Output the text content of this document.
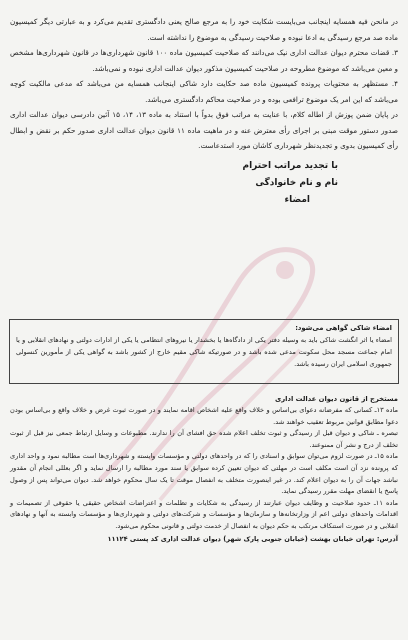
در مانحن فیه همسایه اینجانب می‌بایست شکایت خود را به مرجع صالح یعنی دادگستری تقدیم می‌کرد و به عبارتی دیگر کمیسیون ماده صد مرجع رسیدگی به ادعا نبوده و صلاحیت رسیدگی به موضوع را نداشته است.

۳. قضات محترم دیوان عدالت اداری نیک می‌دانند که صلاحیت کمیسیون ماده ۱۰۰ قانون شهرداری‌ها در قانون شهرداری‌ها مشخص و معین می‌باشد که موضوع مطروحه در صلاحیت کمیسیون مذکور دیوان عدالت اداری نبوده و نمی‌باشد.

۴. مستظهر به محتویات پرونده کمیسیون ماده صد حکایت دارد شاکی اینجانب همسایه من می‌باشد که مدعی مالکیت کوچه می‌باشد که این امر یک موضوع ترافعی بوده و در صلاحیت محاکم دادگستری می‌باشد.

در پایان ضمن پوزش از اطاله کلام، با عنایت به مراتب فوق بدواً با استناد به ماده ۱۳، ۱۴، ۱۵ آئین دادرسی دیوان عدالت اداری صدور دستور موقت مبنی بر اجرای رأی معترض عنه و در ماهیت ماده ۱۱ قانون دیوان عدالت اداری صدور حکم بر نقض و ابطال رأی کمیسیون بدوی و تجدیدنظر شهرداری کاشان مورد استدعاست.

با تجدید مراتب احترام
نام و نام خانوادگی
امضاء
امضاء شاکی گواهی می‌شود:
امضاء یا اثر انگشت شاکی باید به وسیله دفتر یکی از دادگاه‌ها یا بخشدار یا نیروهای انتظامی یا یکی از ادارات دولتی و نهادهای انقلابی و یا امام جماعت مسجد محل سکونت مدعی شده باشد و در صورتیکه شاکی مقیم خارج از کشور باشد به گواهی یکی از مأمورین کنسولی جمهوری اسلامی ایران رسیده باشد.
مستخرج از قانون دیوان عدالت اداری

ماده ۱۳ـ کسانی که مفرضانه دعوای بی‌اساس و خلاف واقع علیه اشخاص اقامه نمایند و در صورت ثبوت غرض و خلاف واقع و بی‌اساس بودن دعوا مطابق قوانین مربوط تعقیب خواهند شد.

تبصره ـ شاکی و دیوان قبل از رسیدگی و ثبوت تخلف اعلام شده حق افشای آن را ندارند. مطبوعات و وسایل ارتباط جمعی نیز قبل از ثبوت تخلف از درج و نشر آن ممنوعند.

ماده ۱۵ـ در صورت لزوم می‌توان سوابق و اسنادی را که در واحدهای دولتی و مؤسسات وابسته و شهرداری‌ها است مطالبه نمود و واحد اداری که پرونده نزد آن است مکلف است در مهلتی که دیوان تعیین کرده سوابق یا سند مورد مطالبه را ارسال نماید و اگر بعللی انجام آن مقدور نباشد جهات آن را به دیوان اعلام کند. در غیر اینصورت متخلف به انفصال موقت تا یک سال محکوم خواهد شد. دیوان می‌تواند پس از وصول پاسخ یا انقضای مهلت مقرر رسیدگی نماید.

ماده ۱۱ـ حدود صلاحیت و وظایف دیوان عبارتند از رسیدگی به شکایات و تظلمات و اعتراضات اشخاص حقیقی یا حقوقی از تصمیمات و اقدامات واحدهای دولتی اعم از وزارتخانه‌ها و سازمان‌ها و مؤسسات و شرکت‌های دولتی و شهرداری‌ها و مؤسسات وابسته به آنها و نهادهای انقلابی و در صورت استنکاف مرتکب به حکم دیوان به انفصال از خدمت دولتی و قانونی محکوم می‌شود.

آدرس: تهران خیابان بهشت (خیابان جنوبی پارک شهر) دیوان عدالت اداری کد پستی ۱۱۱۲۴
